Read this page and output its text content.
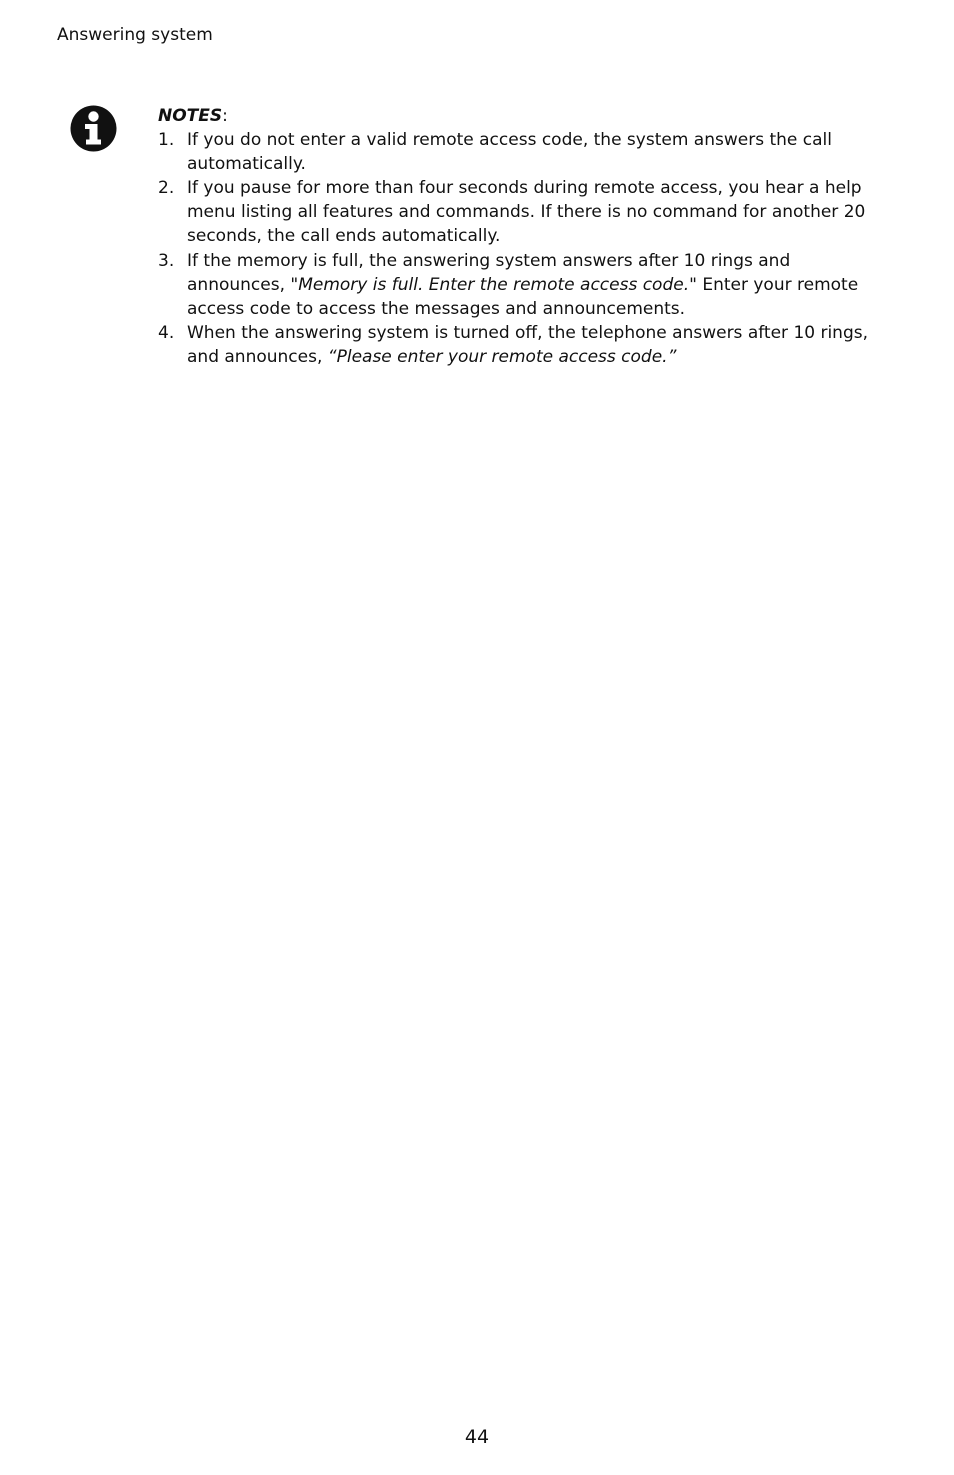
Answering system
NOTES:
1. If you do not enter a valid remote access code, the system answers the call automatically.
2. If you pause for more than four seconds during remote access, you hear a help menu listing all features and commands. If there is no command for another 20 seconds, the call ends automatically.
3. If the memory is full, the answering system answers after 10 rings and announces, "Memory is full. Enter the remote access code." Enter your remote access code to access the messages and announcements.
4. When the answering system is turned off, the telephone answers after 10 rings, and announces, “Please enter your remote access code.”
44
